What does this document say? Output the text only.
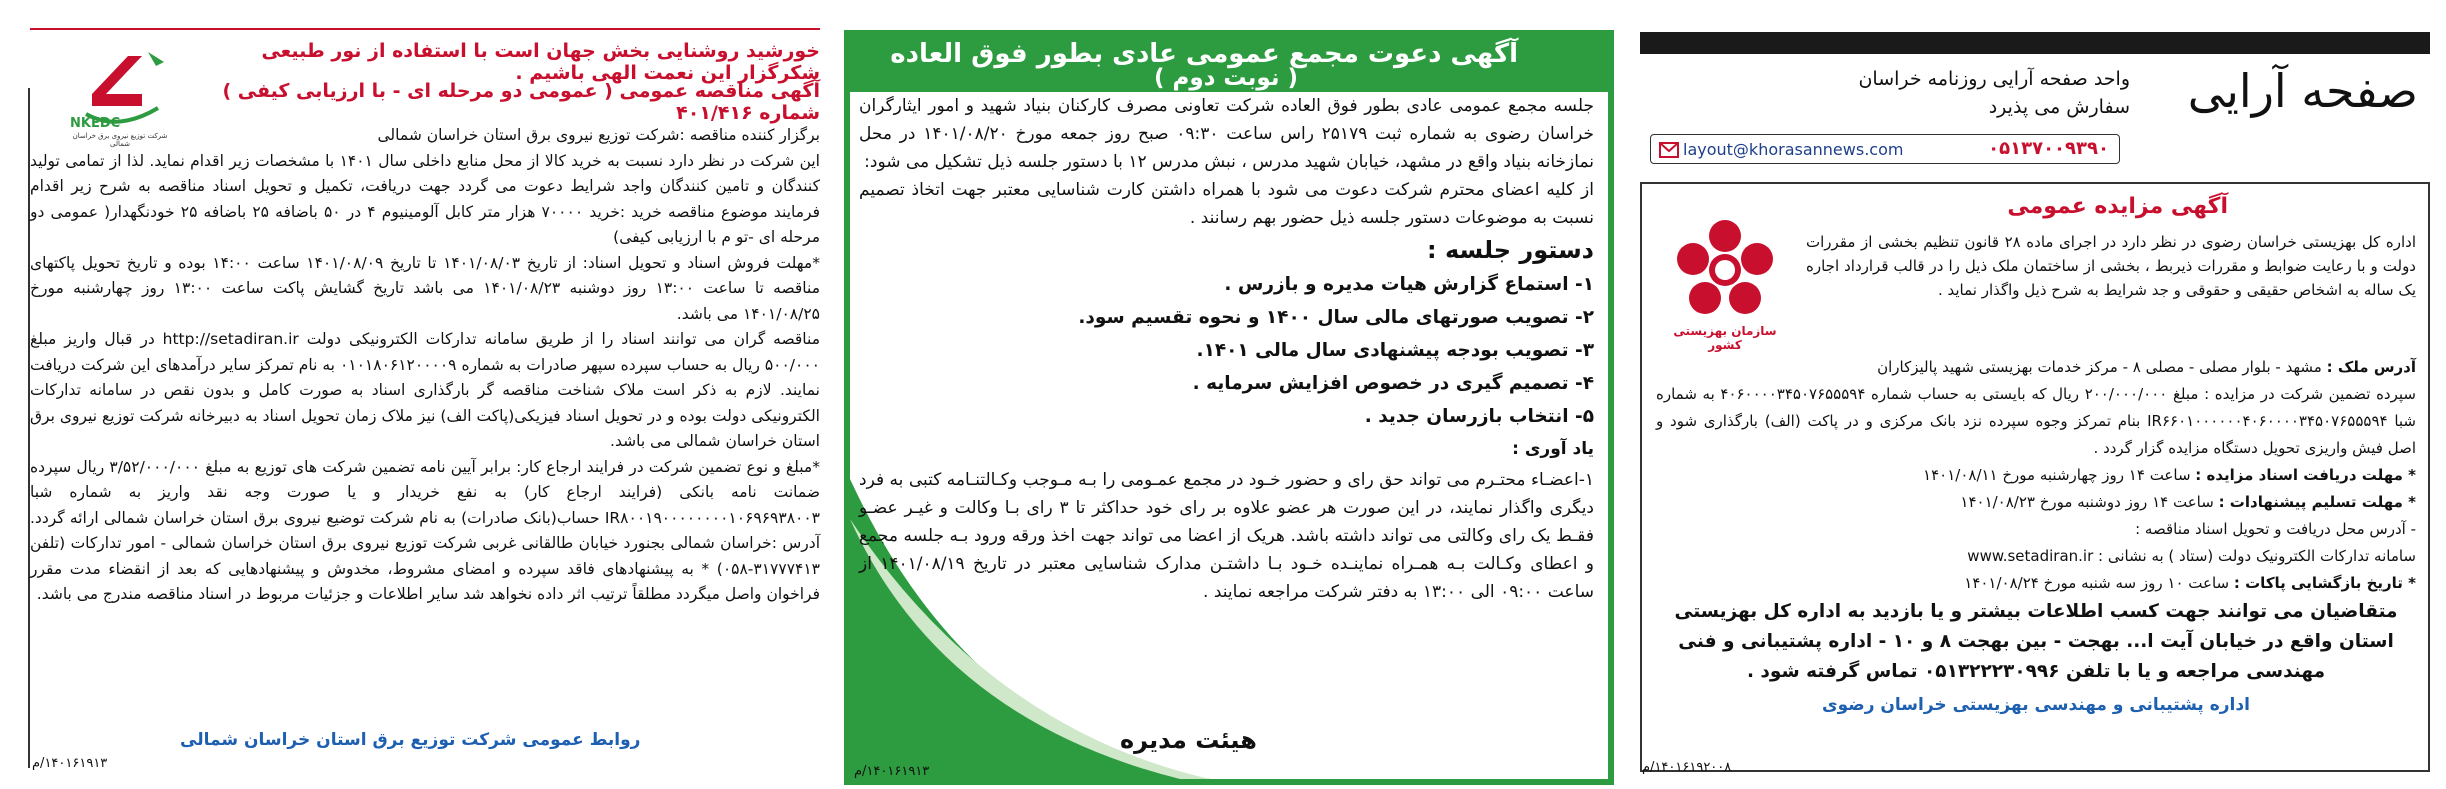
NKEDC
شرکت توزیع نیروی برق خراسان شمالی
خورشید روشنایی بخش جهان است با استفاده از نور طبیعی شکرگزار این نعمت الهی باشیم .
آگهی مناقصه عمومی ( عمومی دو مرحله ای - با ارزیابی کیفی ) شماره ۴۰۱/۴۱۶

برگزار کننده مناقصه :شرکت توزیع نیروی برق استان خراسان شمالی

این شرکت در نظر دارد نسبت به خرید کالا از محل منابع داخلی سال ۱۴۰۱ با مشخصات زیر اقدام نماید. لذا از تمامی تولید کنندگان و تامین کنندگان واجد شرایط دعوت می گردد جهت دریافت، تکمیل و تحویل اسناد مناقصه به شرح زیر اقدام فرمایند موضوع مناقصه خرید :خرید ۷۰۰۰۰ هزار متر کابل آلومینیوم ۴ در ۵۰ باضافه ۲۵ باضافه ۲۵ خودنگهدار( عمومی دو مرحله ای -تو م با ارزیابی کیفی)

*مهلت فروش اسناد و تحویل اسناد: از تاریخ ۱۴۰۱/۰۸/۰۳ تا تاریخ ۱۴۰۱/۰۸/۰۹ ساعت ۱۴:۰۰ بوده و تاریخ تحویل پاکتهای مناقصه تا ساعت ۱۳:۰۰ روز دوشنبه ۱۴۰۱/۰۸/۲۳ می باشد تاریخ گشایش پاکت ساعت ۱۳:۰۰ روز چهارشنبه مورخ ۱۴۰۱/۰۸/۲۵ می باشد.

مناقصه گران می توانند اسناد را از طریق سامانه تدارکات الکترونیکی دولت http://setadiran.ir در قبال واریز مبلغ ۵۰۰/۰۰۰ ریال به حساب سپرده سپهر صادرات به شماره ۰۱۰۱۸۰۶۱۲۰۰۰۰۹ به نام تمرکز سایر درآمدهای این شرکت دریافت نمایند. لازم به ذکر است ملاک شناخت مناقصه گر بارگذاری اسناد به صورت کامل و بدون نقص در سامانه تدارکات الکترونیکی دولت بوده و در تحویل اسناد فیزیکی(پاکت الف) نیز ملاک زمان تحویل اسناد به دبیرخانه شرکت توزیع نیروی برق استان خراسان شمالی می باشد.

*مبلغ و نوع تضمین شرکت در فرایند ارجاع کار: برابر آیین نامه تضمین شرکت های توزیع به مبلغ ۳/۵۲/۰۰۰/۰۰۰ ریال سپرده ضمانت نامه بانکی (فرایند ارجاع کار) به نفع خریدار و یا صورت وجه نقد واریز به شماره شبا IR۸۰۰۱۹۰۰۰۰۰۰۰۰۱۰۶۹۶۹۳۸۰۰۳ حساب(بانک صادرات) به نام شرکت توضیع نیروی برق استان خراسان شمالی ارائه گردد. آدرس :خراسان شمالی بجنورد خیابان طالقانی غربی شرکت توزیع نیروی برق استان خراسان شمالی - امور تدارکات (تلفن ۳۱۷۷۷۴۱۳-۰۵۸) * به پیشنهادهای فاقد سپرده و امضای مشروط، مخدوش و پیشنهادهایی که بعد از انقضاء مدت مقرر فراخوان واصل میگردد مطلقاً ترتیب اثر داده نخواهد شد سایر اطلاعات و جزئیات مربوط در اسناد مناقصه مندرج می باشد.

روابط عمومی شرکت توزیع برق استان خراسان شمالی
۱۴۰۱۶۱۹۱۳/م
آگهی دعوت مجمع عمومی عادی بطور فوق العاده
( نوبت دوم )

جلسه مجمع عمومی عادی بطور فوق العاده شرکت تعاونی مصرف کارکنان بنیاد شهید و امور ایثارگران خراسان رضوی به شماره ثبت ۲۵۱۷۹ راس ساعت ۰۹:۳۰ صبح روز جمعه مورخ ۱۴۰۱/۰۸/۲۰ در محل نمازخانه بنیاد واقع در مشهد، خیابان شهید مدرس ، نبش مدرس ۱۲ با دستور جلسه ذیل تشکیل می شود:

از کلیه اعضای محترم شرکت دعوت می شود با همراه داشتن کارت شناسایی معتبر جهت اتخاذ تصمیم نسبت به موضوعات دستور جلسه ذیل حضور بهم رسانند .

دستور جلسه :
۱- استماع گزارش هیات مدیره و بازرس .
۲- تصویب صورتهای مالی سال ۱۴۰۰ و نحوه تقسیم سود.
۳- تصویب بودجه پیشنهادی سال مالی ۱۴۰۱.
۴- تصمیم گیری در خصوص افزایش سرمایه .
۵- انتخاب بازرسان جدید .
یاد آوری :

۱-اعضـاء محتـرم می تواند حق رای و حضور خـود در مجمع عمـومی را بـه مـوجب وکـالتنـامه کتبی به فرد دیگری واگذار نمایند، در این صورت هر عضو علاوه بر رای خود حداکثر تا ۳ رای بـا وکالت و غیـر عضـو فقـط یک رای وکالتی می تواند داشته باشد. هریک از اعضا می تواند جهت اخذ ورقه ورود بـه جلسه مجمع و اعطای وکـالت بـه همـراه نماینـده خـود بـا داشتـن مدارک شناسایی معتبر در تاریخ ۱۴۰۱/۰۸/۱۹ از ساعت ۰۹:۰۰ الی ۱۳:۰۰ به دفتر شرکت مراجعه نمایند .

هیئت مدیره
۱۴۰۱۶۱۹۱۳/م
صفحه آرایی
واحد صفحه آرایی روزنامه خراسان
سفارش می پذیرد
layout@khorasannews.com	۰۵۱۳۷۰۰۹۳۹۰
آگهی مزایده عمومی
سازمان بهزیستی کشور

اداره کل بهزیستی خراسان رضوی در نظر دارد در اجرای ماده ۲۸ قانون تنظیم بخشی از مقررات دولت و با رعایت ضوابط و مقررات ذیربط ، بخشی از ساختمان ملک ذیل را در قالب قرارداد اجاره یک ساله به اشخاص حقیقی و حقوقی و جد شرایط به شرح ذیل واگذار نماید .

آدرس ملک : مشهد - بلوار مصلی - مصلی ۸ - مرکز خدمات بهزیستی شهید پالیزکاران

سپرده تضمین شرکت در مزایده : مبلغ ۲۰۰/۰۰۰/۰۰۰ ریال که بایستی به حساب شماره ۴۰۶۰۰۰۰۳۴۵۰۷۶۵۵۵۹۴ به شماره شبا IR۶۶۰۱۰۰۰۰۰۰۴۰۶۰۰۰۰۳۴۵۰۷۶۵۵۵۹۴ بنام تمرکز وجوه سپرده نزد بانک مرکزی و در پاکت (الف) بارگذاری شود و اصل فیش واریزی تحویل دستگاه مزایده گزار گردد .

* مهلت دریافت اسناد مزایده : ساعت ۱۴ روز چهارشنبه مورخ ۱۴۰۱/۰۸/۱۱

* مهلت تسلیم پیشنهادات : ساعت ۱۴ روز دوشنبه مورخ ۱۴۰۱/۰۸/۲۳

- آدرس محل دریافت و تحویل اسناد مناقصه :

سامانه تدارکات الکترونیک دولت (ستاد ) به نشانی : www.setadiran.ir

* تاریخ بازگشایی پاکات : ساعت ۱۰ روز سه شنبه مورخ ۱۴۰۱/۰۸/۲۴

متقاضیان می توانند جهت کسب اطلاعات بیشتر و یا بازدید به اداره کل بهزیستی استان واقع در خیابان آیت ا... بهجت - بین بهجت ۸ و ۱۰ - اداره پشتیبانی و فنی مهندسی مراجعه و یا با تلفن ۰۵۱۳۲۲۲۳۰۹۹۶ تماس گرفته شود .

اداره پشتیبانی و مهندسی بهزیستی خراسان رضوی

۱۴۰۱۶۱۹۲۰۰۸/م
